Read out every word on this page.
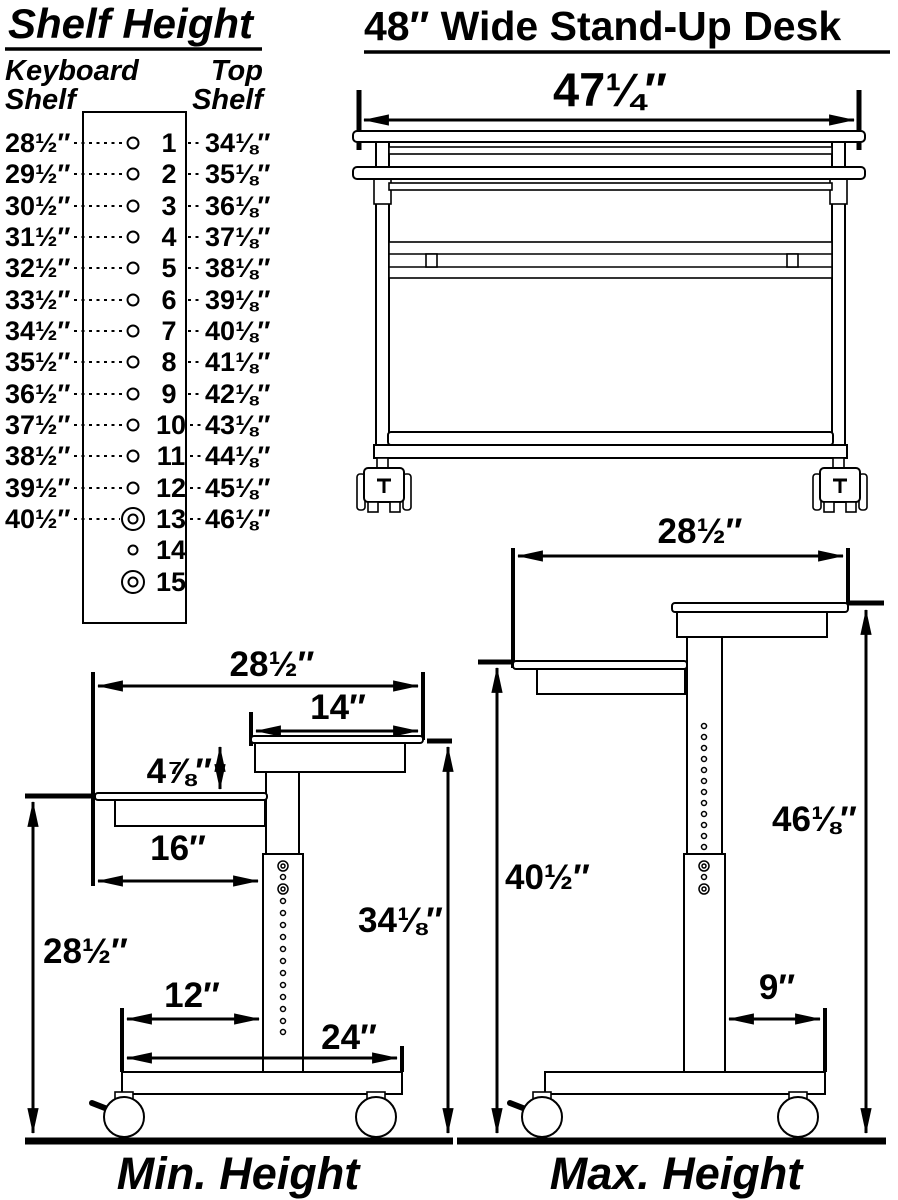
Shelf Height
Keyboard
Shelf
Top
Shelf
28½″	1 34⅛″
29½″	2 35⅛″
30½″	3 36⅛″
31½″	4 37⅛″
32½″	5 38⅛″
33½″	6 39⅛″
34½″	7 40⅛″
35½″	8 41⅛″
36½″	9 42⅛″
37½″	10 43⅛″
38½″	11 44⅛″
39½″	12 45⅛″
40½″	13 46⅛″
14
15
48″ Wide Stand-Up Desk
47¼″
28½″
14″
4⅞″
16″
28½″
34⅛″
12″
24″
Min. Height
28½″
40½″
46⅛″
9″
Max. Height
